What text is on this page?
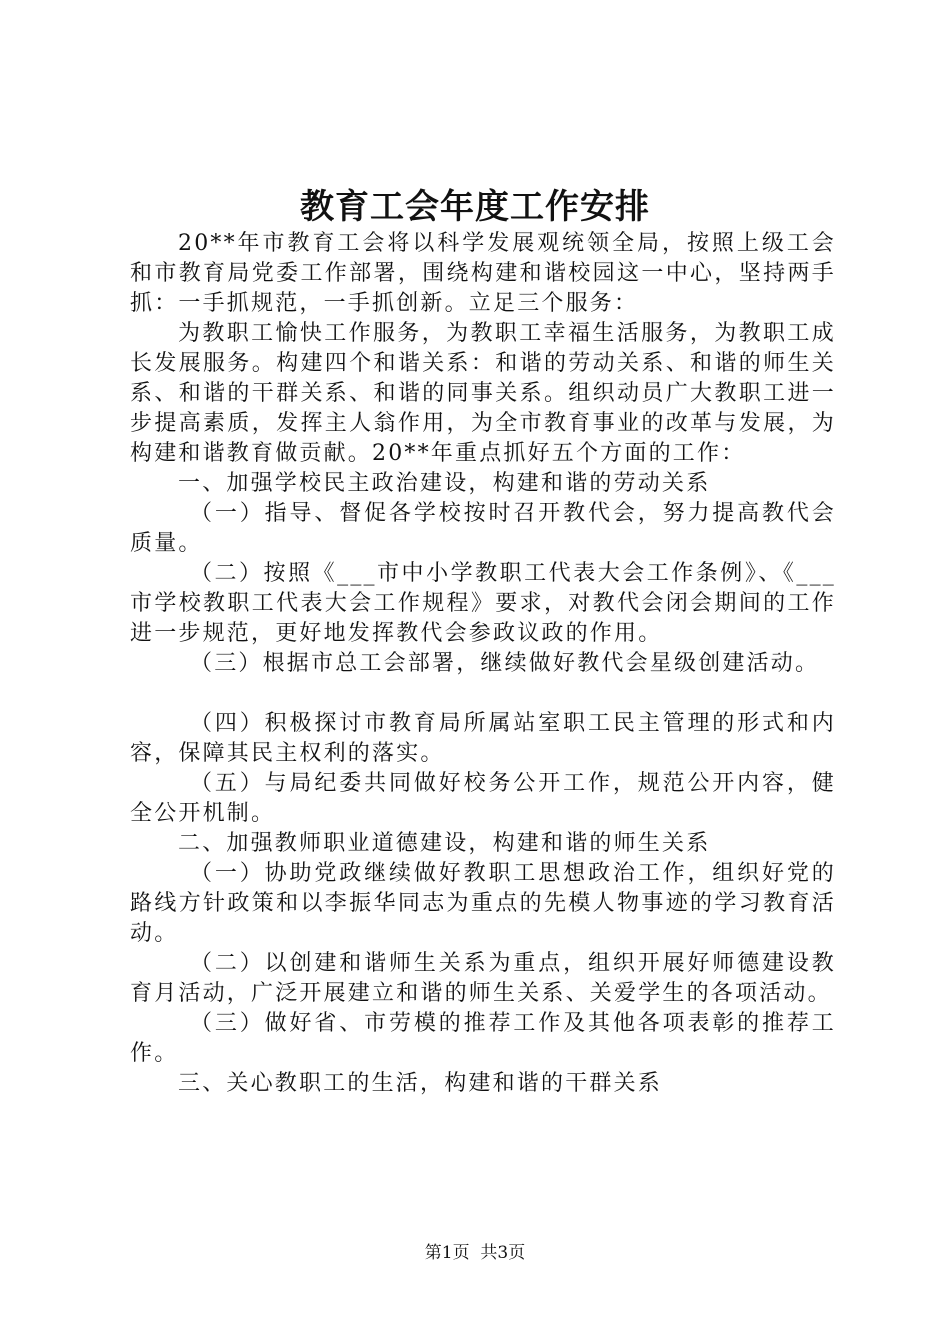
教育工会年度工作安排

20**年市教育工会将以科学发展观统领全局，按照上级工会和市教育局党委工作部署，围绕构建和谐校园这一中心，坚持两手抓：一手抓规范，一手抓创新。立足三个服务：

为教职工愉快工作服务，为教职工幸福生活服务，为教职工成长发展服务。构建四个和谐关系：和谐的劳动关系、和谐的师生关系、和谐的干群关系、和谐的同事关系。组织动员广大教职工进一步提高素质，发挥主人翁作用，为全市教育事业的改革与发展，为构建和谐教育做贡献。20**年重点抓好五个方面的工作：

一、加强学校民主政治建设，构建和谐的劳动关系

（一）指导、督促各学校按时召开教代会，努力提高教代会质量。

（二）按照《___市中小学教职工代表大会工作条例》、《___市学校教职工代表大会工作规程》要求，对教代会闭会期间的工作进一步规范，更好地发挥教代会参政议政的作用。

（三）根据市总工会部署，继续做好教代会星级创建活动。

（四）积极探讨市教育局所属站室职工民主管理的形式和内容，保障其民主权利的落实。

（五）与局纪委共同做好校务公开工作，规范公开内容，健全公开机制。

二、加强教师职业道德建设，构建和谐的师生关系

（一）协助党政继续做好教职工思想政治工作，组织好党的路线方针政策和以李振华同志为重点的先模人物事迹的学习教育活动。

（二）以创建和谐师生关系为重点，组织开展好师德建设教育月活动，广泛开展建立和谐的师生关系、关爱学生的各项活动。

（三）做好省、市劳模的推荐工作及其他各项表彰的推荐工作。

三、关心教职工的生活，构建和谐的干群关系

第1页 共3页
